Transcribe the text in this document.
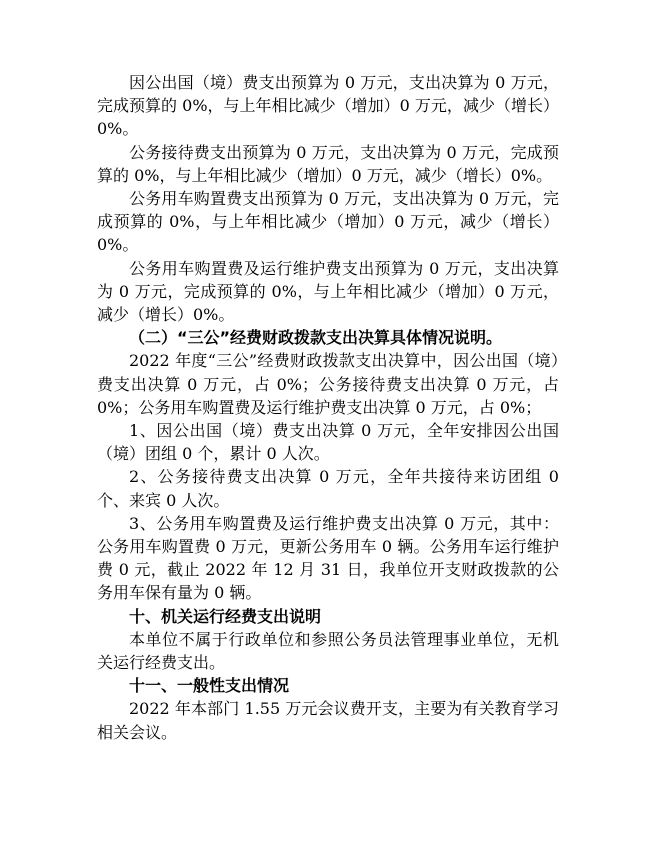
因公出国（境）费支出预算为 0 万元，支出决算为 0 万元，完成预算的 0%，与上年相比减少（增加）0 万元，减少（增长）0%。

公务接待费支出预算为 0 万元，支出决算为 0 万元，完成预算的 0%，与上年相比减少（增加）0 万元，减少（增长）0%。

公务用车购置费支出预算为 0 万元，支出决算为 0 万元，完成预算的 0%，与上年相比减少（增加）0 万元，减少（增长）0%。

公务用车购置费及运行维护费支出预算为 0 万元，支出决算为 0 万元，完成预算的 0%，与上年相比减少（增加）0 万元，减少（增长）0%。

（二）“三公”经费财政拨款支出决算具体情况说明。

2022 年度“三公”经费财政拨款支出决算中，因公出国（境）费支出决算 0 万元，占 0%；公务接待费支出决算 0 万元，占 0%；公务用车购置费及运行维护费支出决算 0 万元，占 0%；

1、因公出国（境）费支出决算 0 万元，全年安排因公出国（境）团组 0 个，累计 0 人次。

2、公务接待费支出决算 0 万元，全年共接待来访团组 0 个、来宾 0 人次。

3、公务用车购置费及运行维护费支出决算 0 万元，其中：公务用车购置费 0 万元，更新公务用车 0 辆。公务用车运行维护费 0 元，截止 2022 年 12 月 31 日，我单位开支财政拨款的公务用车保有量为 0 辆。

十、机关运行经费支出说明

本单位不属于行政单位和参照公务员法管理事业单位，无机关运行经费支出。

十一、一般性支出情况

2022 年本部门 1.55 万元会议费开支，主要为有关教育学习相关会议。
